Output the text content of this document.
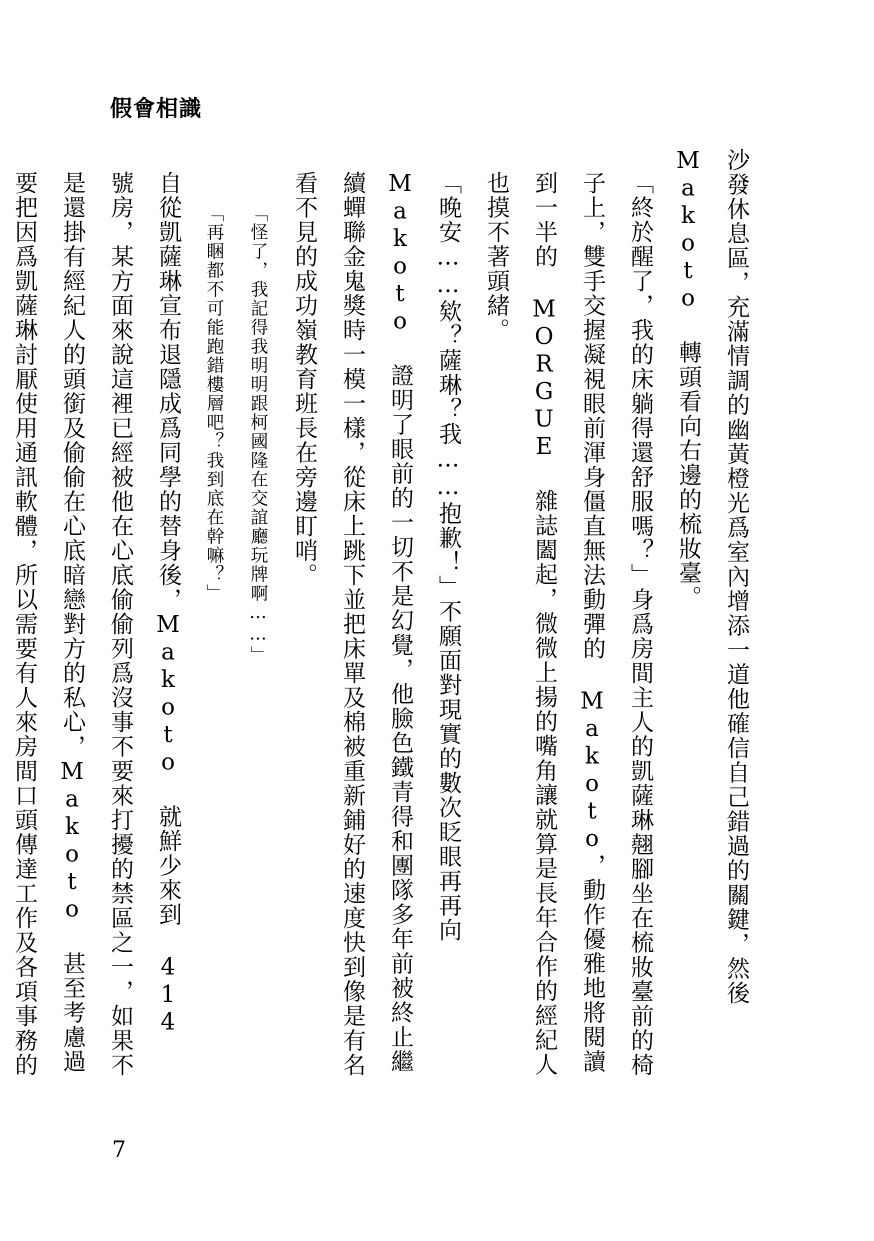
假會相識

沙發休息區，充滿情調的幽黃橙光爲室內增添一道他確信自己錯過的關鍵，然後 Makoto 轉頭看向右邊的梳妝臺。

「終於醒了，我的床躺得還舒服嗎？」身爲房間主人的凱薩琳翹腳坐在梳妝臺前的椅子上，雙手交握凝視眼前渾身僵直無法動彈的 Makoto，動作優雅地將閱讀到一半的 MORGUE 雜誌闔起，微微上揚的嘴角讓就算是長年合作的經紀人也摸不著頭緒。

「晚安……欸？薩琳？我……抱歉！」不願面對現實的數次眨眼再再向 Makoto 證明了眼前的一切不是幻覺，他臉色鐵青得和團隊多年前被終止繼續蟬聯金鬼獎時一模一樣，從床上跳下並把床單及棉被重新鋪好的速度快到像是有名看不見的成功嶺教育班長在旁邊盯哨。

「怪了，我記得我明明跟柯國隆在交誼廳玩牌啊……」

「再睏都不可能跑錯樓層吧？我到底在幹嘛？」

自從凱薩琳宣布退隱成爲同學的替身後，Makoto 就鮮少來到 414 號房，某方面來說這裡已經被他在心底偷偷列爲沒事不要來打擾的禁區之一，如果不是還掛有經紀人的頭銜及偷偷在心底暗戀對方的私心，Makoto 甚至考慮過要把因爲凱薩琳討厭使用通訊軟體，所以需要有人來房間口頭傳達工作及各項事務的

7
